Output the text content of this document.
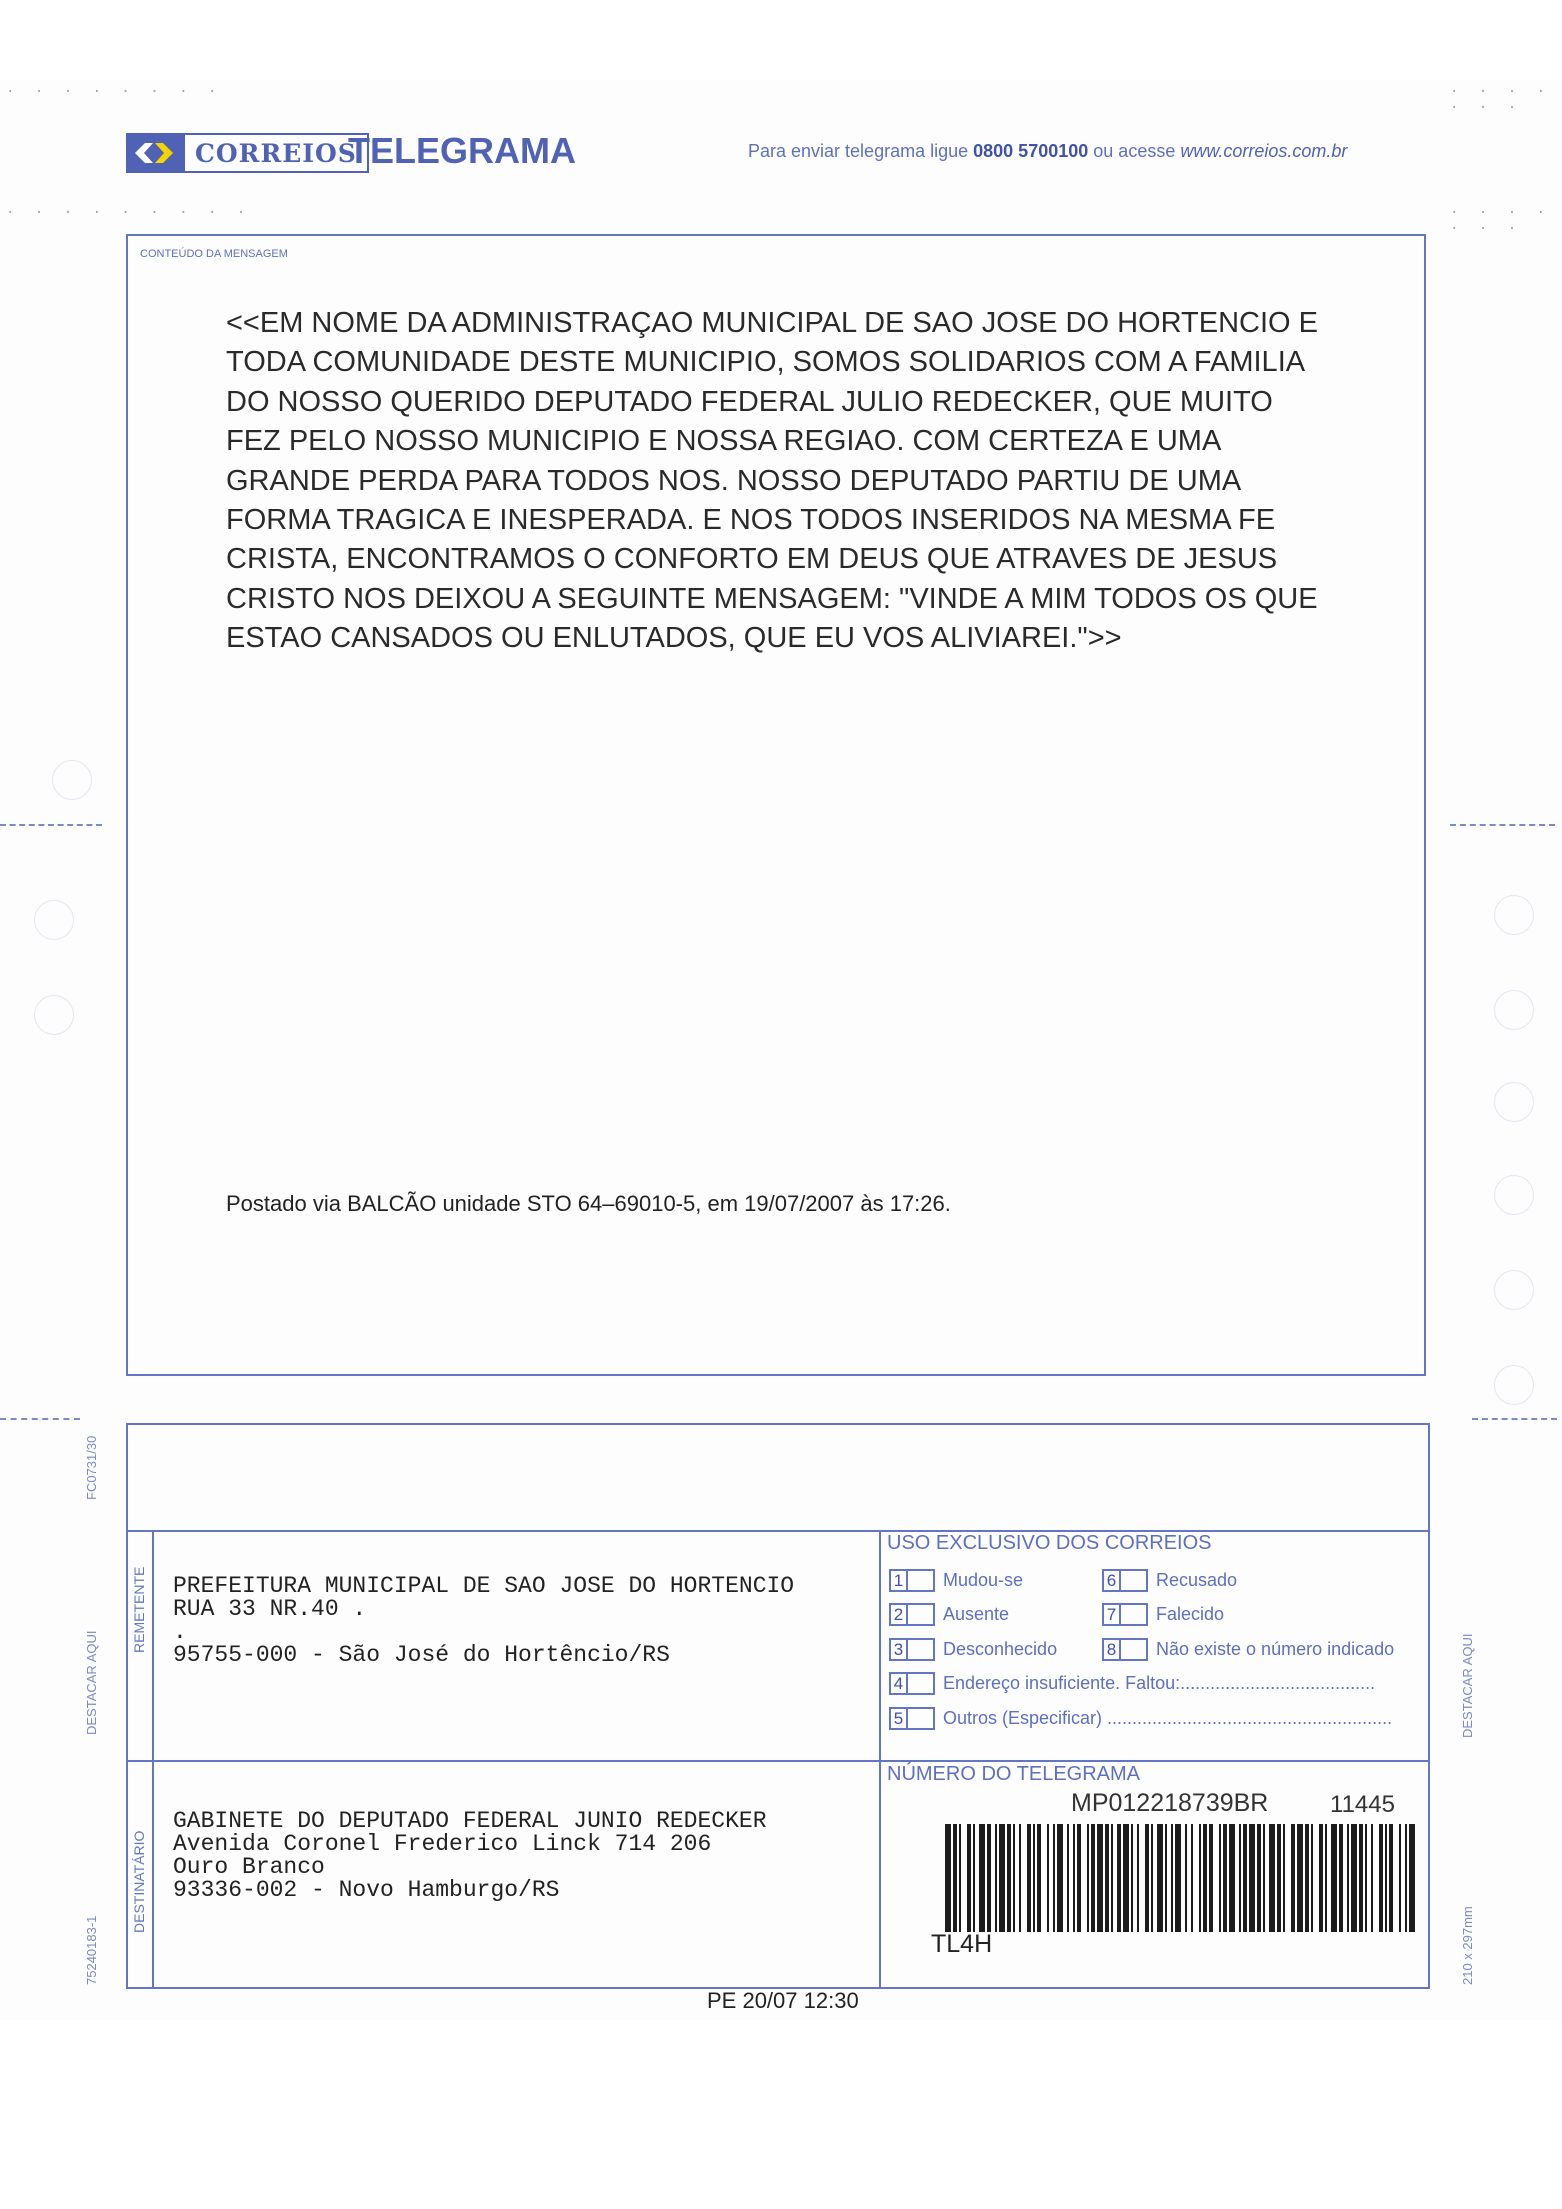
· · · · · · · ·
· · · · · · · · ·
· · · · · · ·
· · · · · · ·
FC0731/30
DESTACAR AQUI
75240183-1
DESTACAR AQUI
210 x 297mm
CORREIOS
TELEGRAMA	Para enviar telegrama ligue 0800 5700100 ou acesse www.correios.com.br
CONTEÚDO DA MENSAGEM
<<EM NOME DA ADMINISTRAÇAO MUNICIPAL DE SAO JOSE DO HORTENCIO E
TODA COMUNIDADE DESTE MUNICIPIO, SOMOS SOLIDARIOS COM A FAMILIA
DO NOSSO QUERIDO DEPUTADO FEDERAL JULIO REDECKER, QUE MUITO
FEZ PELO NOSSO MUNICIPIO E NOSSA REGIAO. COM CERTEZA E UMA
GRANDE PERDA PARA TODOS NOS. NOSSO DEPUTADO PARTIU DE UMA
FORMA TRAGICA E INESPERADA. E NOS TODOS INSERIDOS NA MESMA FE
CRISTA, ENCONTRAMOS O CONFORTO EM DEUS QUE ATRAVES DE JESUS
CRISTO NOS DEIXOU A SEGUINTE MENSAGEM: "VINDE A MIM TODOS OS QUE
ESTAO CANSADOS OU ENLUTADOS, QUE EU VOS ALIVIAREI.">>
Postado via BALCÃO unidade STO 64–69010-5, em 19/07/2007 às 17:26.
REMETENTE
DESTINATÁRIO
PREFEITURA MUNICIPAL DE SAO JOSE DO HORTENCIO
RUA 33 NR.40 .
.
95755-000 - São José do Hortêncio/RS
GABINETE DO DEPUTADO FEDERAL JUNIO REDECKER
Avenida Coronel Frederico Linck 714 206
Ouro Branco
93336-002 - Novo Hamburgo/RS
USO EXCLUSIVO DOS CORREIOS
1 Mudou-se
2 Ausente
3 Desconhecido
4 Endereço insuficiente. Faltou:.......................................
5 Outros (Especificar) .........................................................
6 Recusado
7 Falecido
8 Não existe o número indicado
NÚMERO DO TELEGRAMA
MP012218739BR	11445
TL4H
PE 20/07 12:30
